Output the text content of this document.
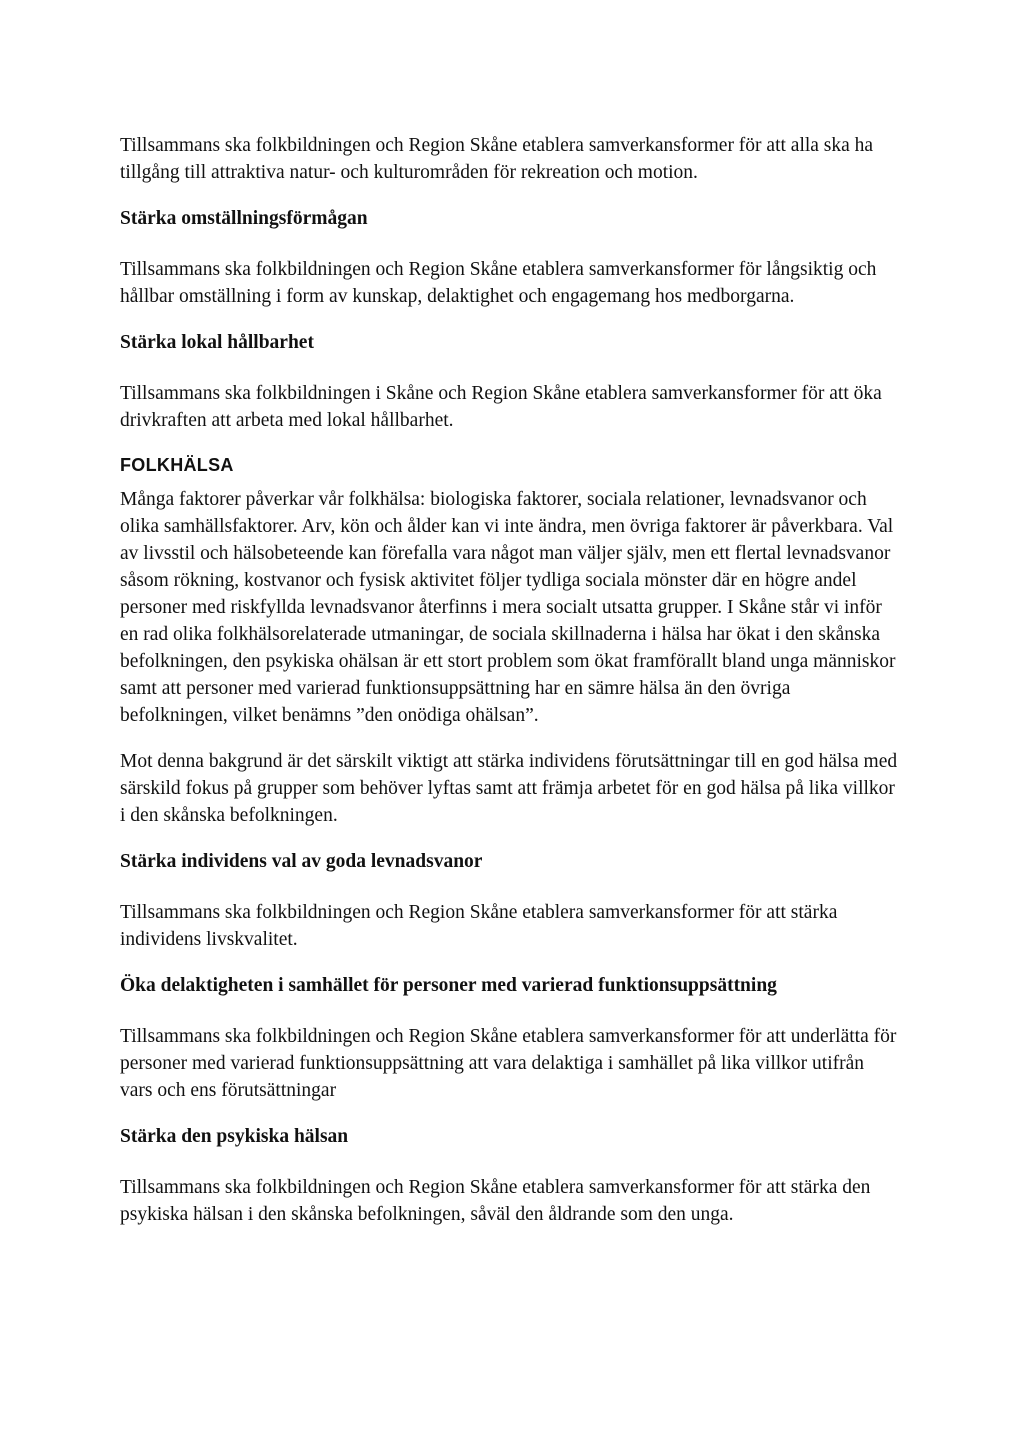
Tillsammans ska folkbildningen och Region Skåne etablera samverkansformer för att alla ska ha tillgång till attraktiva natur- och kulturområden för rekreation och motion.

Stärka omställningsförmågan

Tillsammans ska folkbildningen och Region Skåne etablera samverkansformer för långsiktig och hållbar omställning i form av kunskap, delaktighet och engagemang hos medborgarna.

Stärka lokal hållbarhet

Tillsammans ska folkbildningen i Skåne och Region Skåne etablera samverkansformer för att öka drivkraften att arbeta med lokal hållbarhet.

FOLKHÄLSA

Många faktorer påverkar vår folkhälsa: biologiska faktorer, sociala relationer, levnadsvanor och olika samhällsfaktorer. Arv, kön och ålder kan vi inte ändra, men övriga faktorer är påverkbara. Val av livsstil och hälsobeteende kan förefalla vara något man väljer själv, men ett flertal levnadsvanor såsom rökning, kostvanor och fysisk aktivitet följer tydliga sociala mönster där en högre andel personer med riskfyllda levnadsvanor återfinns i mera socialt utsatta grupper. I Skåne står vi inför en rad olika folkhälsorelaterade utmaningar, de sociala skillnaderna i hälsa har ökat i den skånska befolkningen, den psykiska ohälsan är ett stort problem som ökat framförallt bland unga människor samt att personer med varierad funktionsuppsättning har en sämre hälsa än den övriga befolkningen, vilket benämns ”den onödiga ohälsan”.

Mot denna bakgrund är det särskilt viktigt att stärka individens förutsättningar till en god hälsa med särskild fokus på grupper som behöver lyftas samt att främja arbetet för en god hälsa på lika villkor i den skånska befolkningen.

Stärka individens val av goda levnadsvanor

Tillsammans ska folkbildningen och Region Skåne etablera samverkansformer för att stärka individens livskvalitet.

Öka delaktigheten i samhället för personer med varierad funktionsuppsättning

Tillsammans ska folkbildningen och Region Skåne etablera samverkansformer för att underlätta för personer med varierad funktionsuppsättning att vara delaktiga i samhället på lika villkor utifrån vars och ens förutsättningar

Stärka den psykiska hälsan

Tillsammans ska folkbildningen och Region Skåne etablera samverkansformer för att stärka den psykiska hälsan i den skånska befolkningen, såväl den åldrande som den unga.
